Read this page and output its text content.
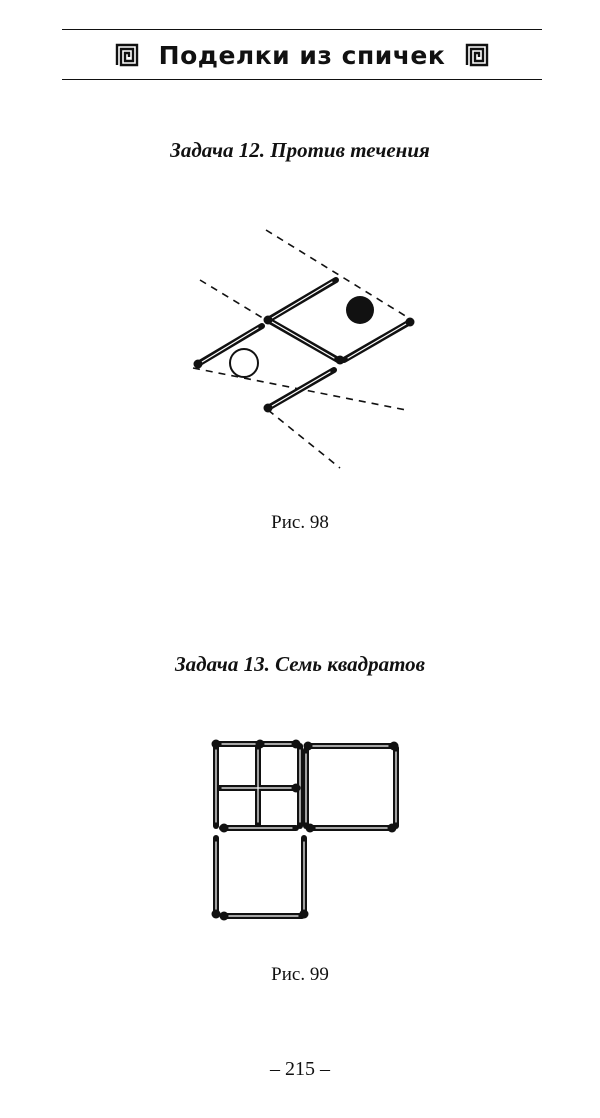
Поделки из спичек
Задача 12. Против течения
Рис. 98
Задача 13. Семь квадратов
Рис. 99
– 215 –
